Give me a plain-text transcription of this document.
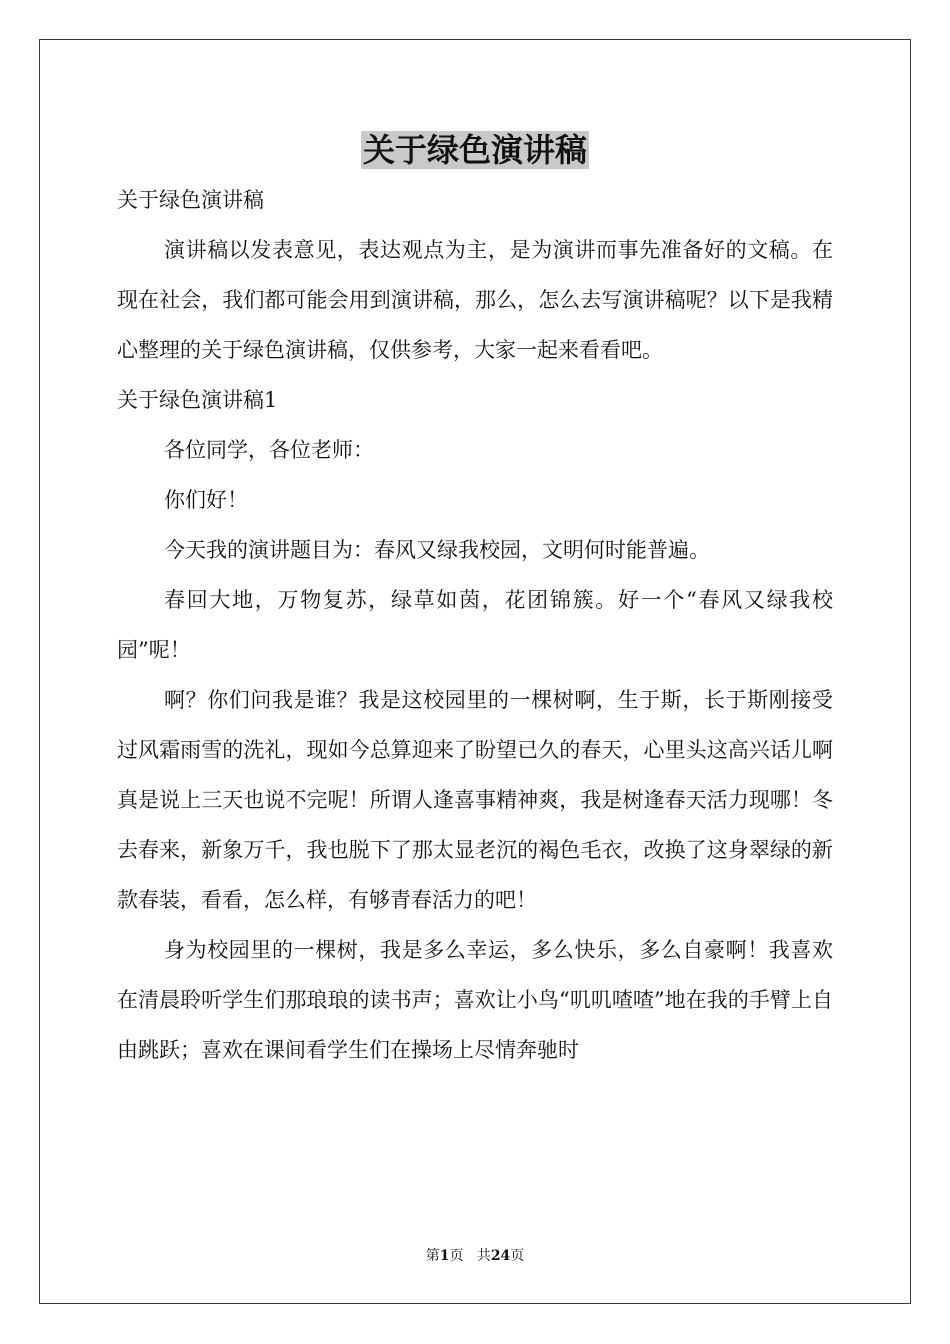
关于绿色演讲稿

关于绿色演讲稿

演讲稿以发表意见，表达观点为主，是为演讲而事先准备好的文稿。在现在社会，我们都可能会用到演讲稿，那么，怎么去写演讲稿呢？以下是我精心整理的关于绿色演讲稿，仅供参考，大家一起来看看吧。

关于绿色演讲稿1

各位同学，各位老师：

你们好！

今天我的演讲题目为：春风又绿我校园，文明何时能普遍。

春回大地，万物复苏，绿草如茵，花团锦簇。好一个“春风又绿我校园”呢！

啊？你们问我是谁？我是这校园里的一棵树啊，生于斯，长于斯刚接受过风霜雨雪的洗礼，现如今总算迎来了盼望已久的春天，心里头这高兴话儿啊真是说上三天也说不完呢！所谓人逢喜事精神爽，我是树逢春天活力现哪！冬去春来，新象万千，我也脱下了那太显老沉的褐色毛衣，改换了这身翠绿的新款春装，看看，怎么样，有够青春活力的吧！

身为校园里的一棵树，我是多么幸运，多么快乐，多么自豪啊！我喜欢在清晨聆听学生们那琅琅的读书声；喜欢让小鸟“叽叽喳喳”地在我的手臂上自由跳跃；喜欢在课间看学生们在操场上尽情奔驰时

第1页 共24页
